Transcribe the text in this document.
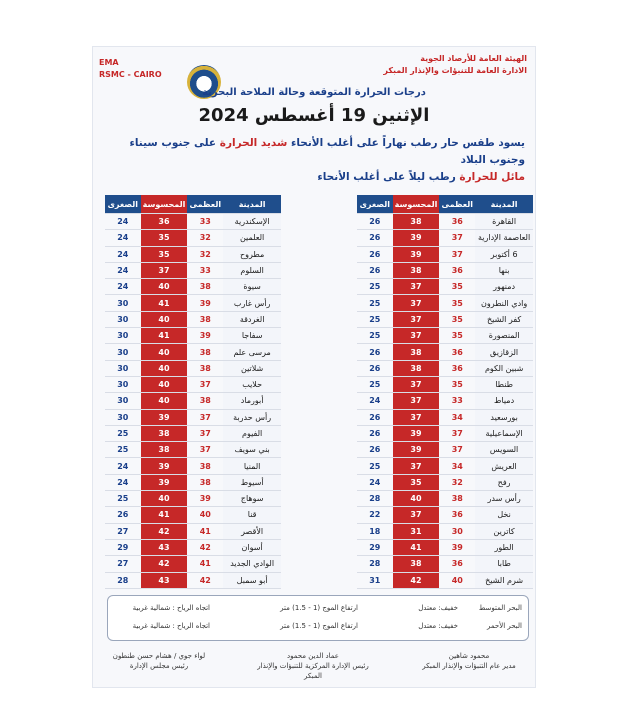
EMA
RSMC - CAIRO
الهيئة العامة للأرصاد الجوية
الادارة العامة للتنبؤات والإنذار المبكر
درجات الحرارة المتوقعة وحالة الملاحة البحرية
الإثنين 19 أغسطس 2024
يسود طقس حار رطب نهاراً على أغلب الأنحاء شديد الحرارة على جنوب سيناء وجنوب البلاد
مائل للحرارة رطب ليلاً على أغلب الأنحاء
المدينة	العظمى	المحسوسة	الصغرى
القاهرة	36	38	26
العاصمة الإدارية	37	39	26
6 أكتوبر	37	39	26
بنها	36	38	26
دمنهور	35	37	25
وادي النطرون	35	37	25
كفر الشيخ	35	37	25
المنصورة	35	37	25
الزقازيق	36	38	26
شبين الكوم	36	38	26
طنطا	35	37	25
دمياط	33	37	24
بورسعيد	34	37	26
الإسماعيلية	37	39	26
السويس	37	39	26
العريش	34	37	25
رفح	32	35	24
رأس سدر	38	40	28
نخل	36	37	22
كاترين	30	31	18
الطور	39	41	29
طابا	36	38	28
شرم الشيخ	40	42	31
المدينة	العظمى	المحسوسة	الصغرى
الإسكندرية	33	36	24
العلمين	32	35	24
مطروح	32	35	24
السلوم	33	37	24
سيوة	38	40	24
رأس غارب	39	41	30
الغردقة	38	40	30
سفاجا	39	41	30
مرسى علم	38	40	30
شلاتين	38	40	30
حلايب	37	40	30
أبورماد	38	40	30
رأس حدربة	37	39	30
الفيوم	37	38	25
بني سويف	37	38	25
المنيا	38	39	24
أسيوط	38	39	24
سوهاج	39	40	25
قنا	40	41	26
الأقصر	41	42	27
أسوان	42	43	29
الوادي الجديد	41	42	27
أبو سمبل	42	43	28
البحر المتوسط
خفيف: معتدل
ارتفاع الموج (1 - 1.5) متر
اتجاه الرياح : شمالية غربية
البحر الأحمر
خفيف: معتدل
ارتفاع الموج (1 - 1.5) متر
اتجاه الرياح : شمالية غربية
محمود شاهين
مدير عام التنبؤات والإنذار المبكر
عماد الدين محمود
رئيس الإدارة المركزية للتنبؤات والإنذار المبكر
لواء جوي / هشام حسن طنطون
رئيس مجلس الإدارة
